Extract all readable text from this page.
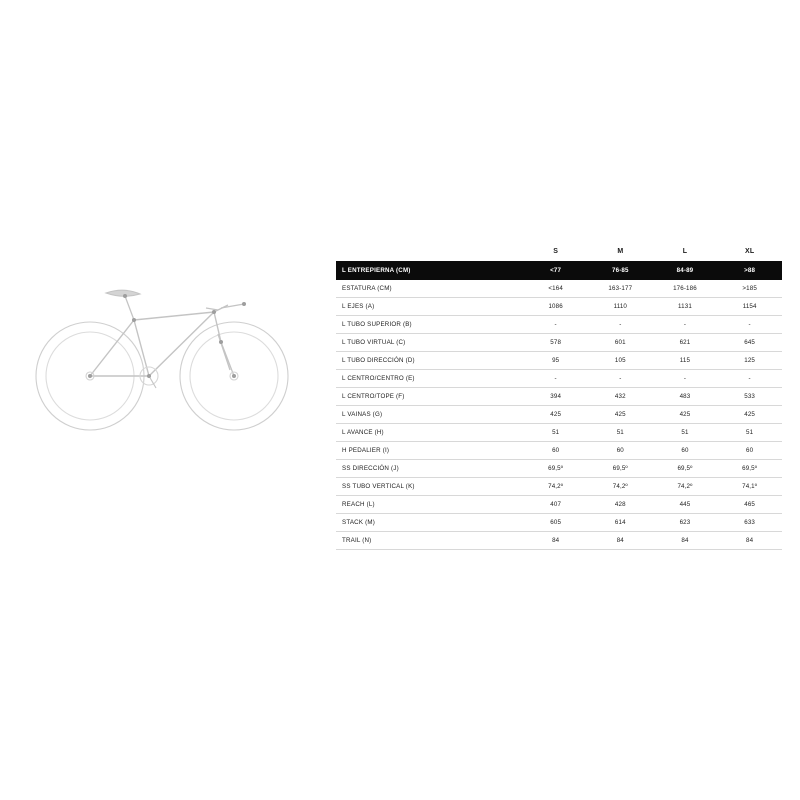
	S	M	L	XL
L ENTREPIERNA (CM)	<77	76-85	84-89	>88
ESTATURA (CM)	<164	163-177	176-186	>185
L EJES (A)	1086	1110	1131	1154
L TUBO SUPERIOR (B)	-	-	-	-
L TUBO VIRTUAL (C)	578	601	621	645
L TUBO DIRECCIÓN (D)	95	105	115	125
L CENTRO/CENTRO (E)	-	-	-	-
L CENTRO/TOPE (F)	394	432	483	533
L VAINAS (G)	425	425	425	425
L AVANCE (H)	51	51	51	51
H PEDALIER (I)	60	60	60	60
SS DIRECCIÓN (J)	69,5º	69,5º	69,5º	69,5º
SS TUBO VERTICAL (K)	74,2º	74,2º	74,2º	74,1º
REACH (L)	407	428	445	465
STACK (M)	605	614	623	633
TRAIL (N)	84	84	84	84
